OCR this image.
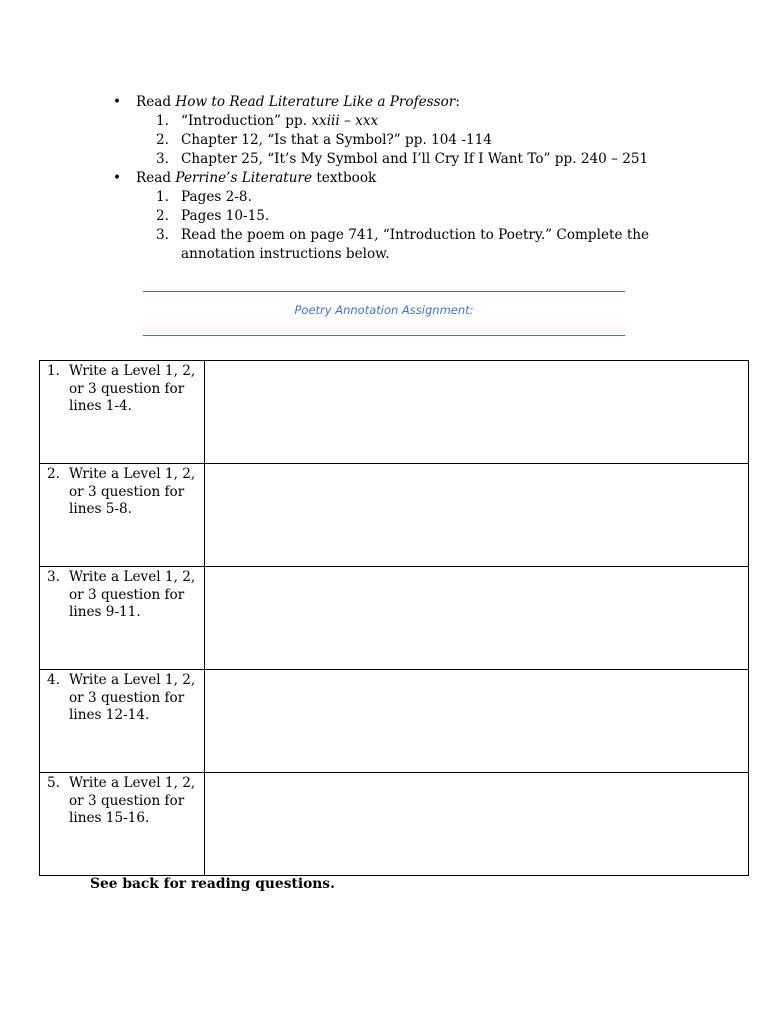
• Read How to Read Literature Like a Professor:
1. “Introduction” pp. xxiii – xxx
2. Chapter 12, “Is that a Symbol?” pp. 104 -114
3. Chapter 25, “It’s My Symbol and I’ll Cry If I Want To” pp. 240 – 251
• Read Perrine’s Literature textbook
1. Pages 2-8.
2. Pages 10-15.
3. Read the poem on page 741, “Introduction to Poetry.” Complete the annotation instructions below.
Poetry Annotation Assignment:
1. Write a Level 1, 2, or 3 question for lines 1-4.	

2. Write a Level 1, 2, or 3 question for lines 5-8.	

3. Write a Level 1, 2, or 3 question for lines 9-11.	

4. Write a Level 1, 2, or 3 question for lines 12-14.	

5. Write a Level 1, 2, or 3 question for lines 15-16.	

See back for reading questions.
